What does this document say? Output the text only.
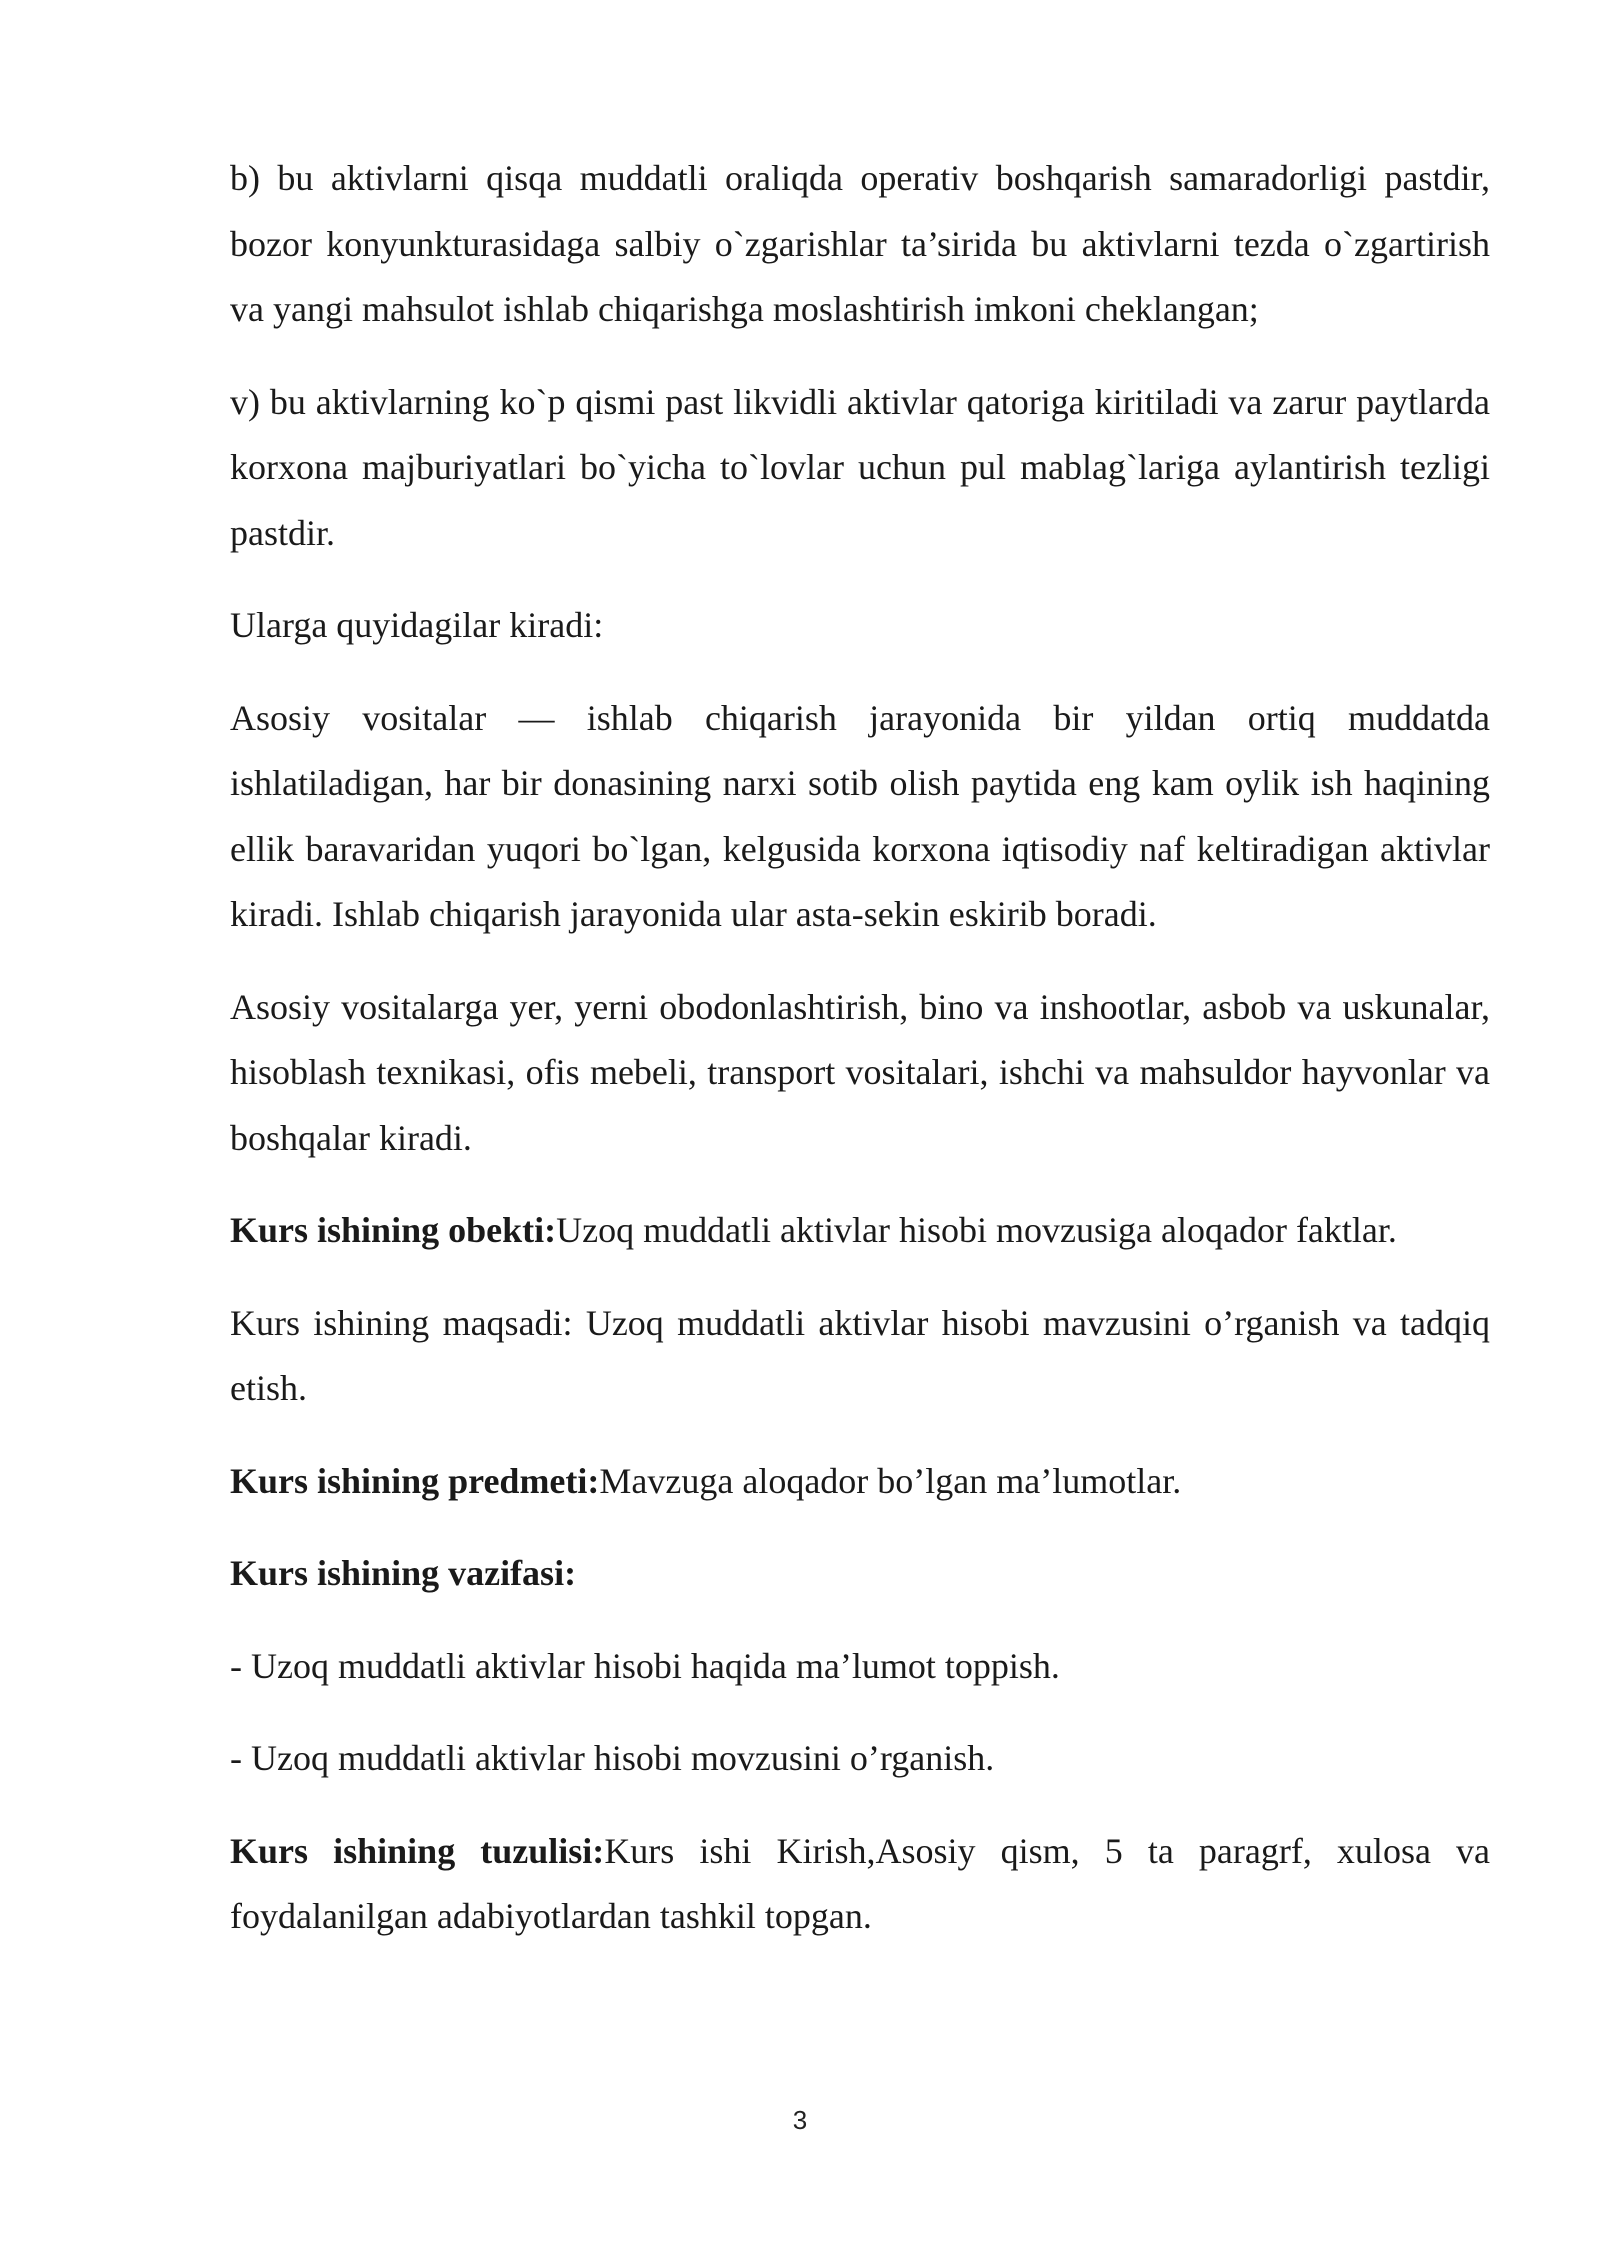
b) bu aktivlarni qisqa muddatli oraliqda operativ boshqarish samaradorligi pastdir, bozor konyunkturasidaga salbiy o`zgarishlar ta’sirida bu aktivlarni tezda o`zgartirish va yangi mahsulot ishlab chiqarishga moslashtirish imkoni cheklangan;

v) bu aktivlarning ko`p qismi past likvidli aktivlar qatoriga kiritiladi va zarur paytlarda korxona majburiyatlari bo`yicha to`lovlar uchun pul mablag`lariga aylantirish tezligi pastdir.

Ularga quyidagilar kiradi:

Asosiy vositalar — ishlab chiqarish jarayonida bir yildan ortiq muddatda ishlatiladigan, har bir donasining narxi sotib olish paytida eng kam oylik ish haqining ellik baravaridan yuqori bo`lgan, kelgusida korxona iqtisodiy naf keltiradigan aktivlar kiradi. Ishlab chiqarish jarayonida ular asta-sekin eskirib boradi.

Asosiy vositalarga yer, yerni obodonlashtirish, bino va inshootlar, asbob va uskunalar, hisoblash texnikasi, ofis mebeli, transport vositalari, ishchi va mahsuldor hayvonlar va boshqalar kiradi.

Kurs ishining obekti:Uzoq muddatli aktivlar hisobi movzusiga aloqador faktlar.

Kurs ishining maqsadi: Uzoq muddatli aktivlar hisobi mavzusini o’rganish va tadqiq etish.

Kurs ishining predmeti:Mavzuga aloqador bo’lgan ma’lumotlar.

Kurs ishining vazifasi:

- Uzoq muddatli aktivlar hisobi haqida ma’lumot toppish.

- Uzoq muddatli aktivlar hisobi movzusini o’rganish.

Kurs ishining tuzulisi:Kurs ishi Kirish,Asosiy qism, 5 ta paragrf, xulosa va foydalanilgan adabiyotlardan tashkil topgan.

3
